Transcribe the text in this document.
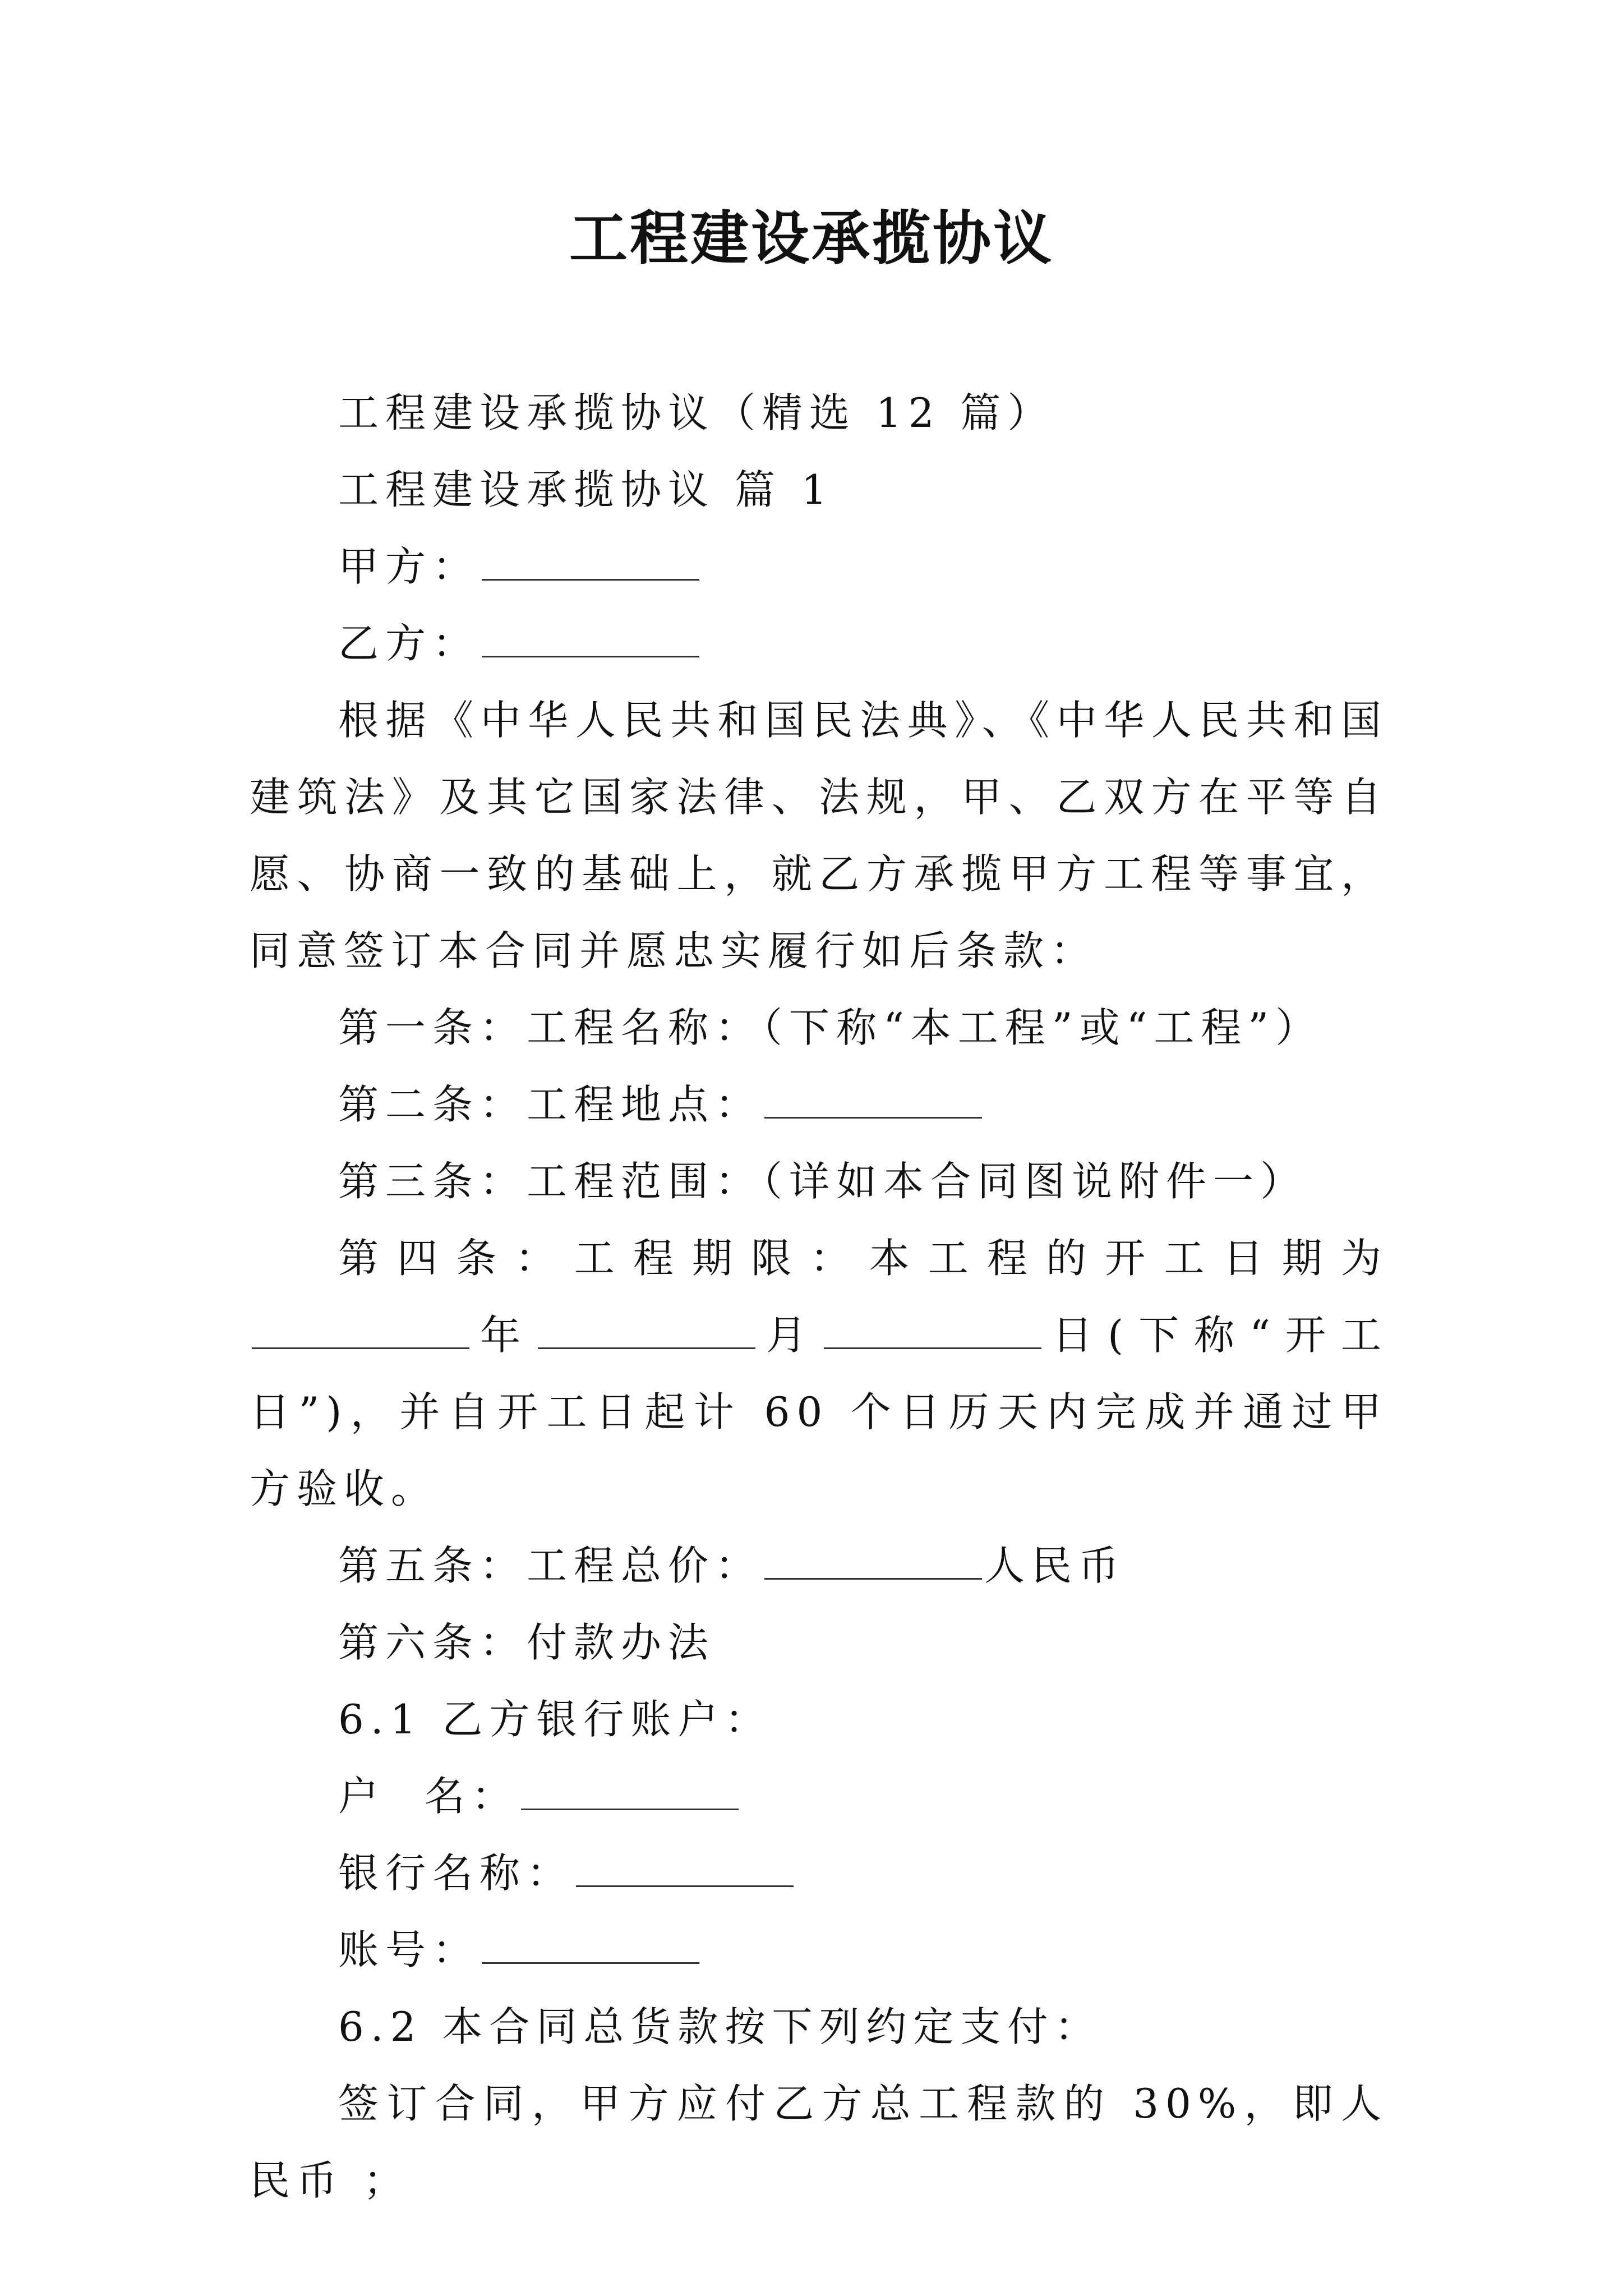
工程建设承揽协议

工程建设承揽协议（精选 12 篇）

工程建设承揽协议 篇 1

甲方：

乙方：

根据《中华人民共和国民法典》、《中华人民共和国建筑法》及其它国家法律、法规，甲、乙双方在平等自愿、协商一致的基础上，就乙方承揽甲方工程等事宜，同意签订本合同并愿忠实履行如后条款：

第一条：工程名称：（下称“本工程”或“工程”）

第二条：工程地点：

第三条：工程范围：（详如本合同图说附件一）

第四条：工程期限：本工程的开工日期为年	月	日(下称“开工日”)，并自开工日起计 60 个日历天内完成并通过甲方验收。

第五条：工程总价：	人民币

第六条：付款办法

6.1 乙方银行账户：

户  名：

银行名称：

账号：

6.2 本合同总货款按下列约定支付：

签订合同，甲方应付乙方总工程款的 30%，即人民币 ；
